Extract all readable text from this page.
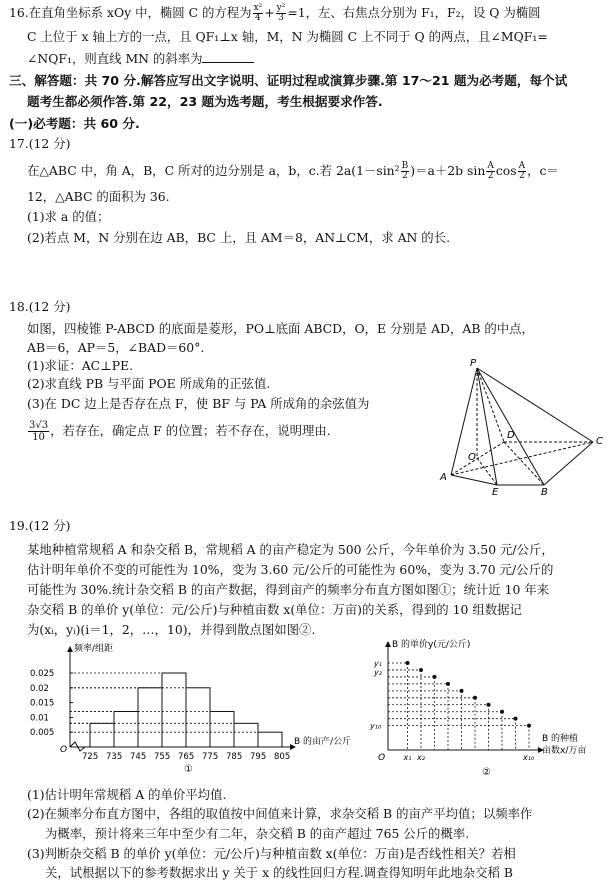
16.在直角坐标系 xOy 中，椭圆 C 的方程为 $\frac{\text{x²}}{4} + \frac{\text{y²}}{3} =1$，左、右焦点分别为 F₁，F₂，设 Q 为椭圆
C 上位于 x 轴上方的一点，且 QF₁⊥x 轴，M，N 为椭圆 C 上不同于 Q 的两点，且∠MQF₁=
∠NQF₁，则直线 MN 的斜率为
三、解答题：共 70 分.解答应写出文字说明、证明过程或演算步骤.第 17～21 题为必考题，每个试
题考生都必须作答.第 22，23 题为选考题，考生根据要求作答.
(一)必考题：共 60 分.
17.(12 分)
在△ABC 中，角 A，B，C 所对的边分别是 a，b，c.若 $2a(1-\sin^2 \frac{B}{2} )=a+2b$ $\sin \frac{A}{2}$ $\cos \frac{A}{2}$ ，c＝
12，△ABC 的面积为 36.
(1)求 a 的值；
(2)若点 M，N 分别在边 AB，BC 上，且 AM＝8，AN⊥CM，求 AN 的长.
18.(12 分)
如图，四棱锥 P-ABCD 的底面是菱形，PO⊥底面 ABCD，O，E 分别是 AD，AB 的中点，
AB＝6，AP＝5，∠BAD＝60°.
(1)求证：AC⊥PE.
(2)求直线 PB 与平面 POE 所成角的正弦值.
(3)在 DC 边上是否存在点 F，使 BF 与 PA 所成角的余弦值为
$\frac{3√3}{10}$ ，若存在，确定点 F 的位置；若不存在，说明理由.
P
A
B
C
D
O
E
19.(12 分)
某地种植常规稻 A 和杂交稻 B，常规稻 A 的亩产稳定为 500 公斤，今年单价为 3.50 元/公斤，
估计明年单价不变的可能性为 10%，变为 3.60 元/公斤的可能性为 60%，变为 3.70 元/公斤的
可能性为 30%.统计杂交稻 B 的亩产数据，得到亩产的频率分布直方图如图①；统计近 10 年来
杂交稻 B 的单价 y(单位：元/公斤)与种植亩数 x(单位：万亩)的关系，得到的 10 组数据记
为(xᵢ，yᵢ)(i＝1，2，…，10)，并得到散点图如图②.
O
频率/组距
B 的亩产/公斤
0.025
0.02
0.015
0.01
0.005
725 735 745 755 765 775 785 795 805
①
B 的单价y(元/公斤)
B 的种植
亩数x/万亩
O
y₁
y₂
y₁₀
x₁ x₂	x₁₀
②
(1)估计明年常规稻 A 的单价平均值.
(2)在频率分布直方图中，各组的取值按中间值来计算，求杂交稻 B 的亩产平均值；以频率作
为概率，预计将来三年中至少有二年，杂交稻 B 的亩产超过 765 公斤的概率.
(3)判断杂交稻 B 的单价 y(单位：元/公斤)与种植亩数 x(单位：万亩)是否线性相关？若相
关，试根据以下的参考数据求出 y 关于 x 的线性回归方程.调查得知明年此地杂交稻 B
